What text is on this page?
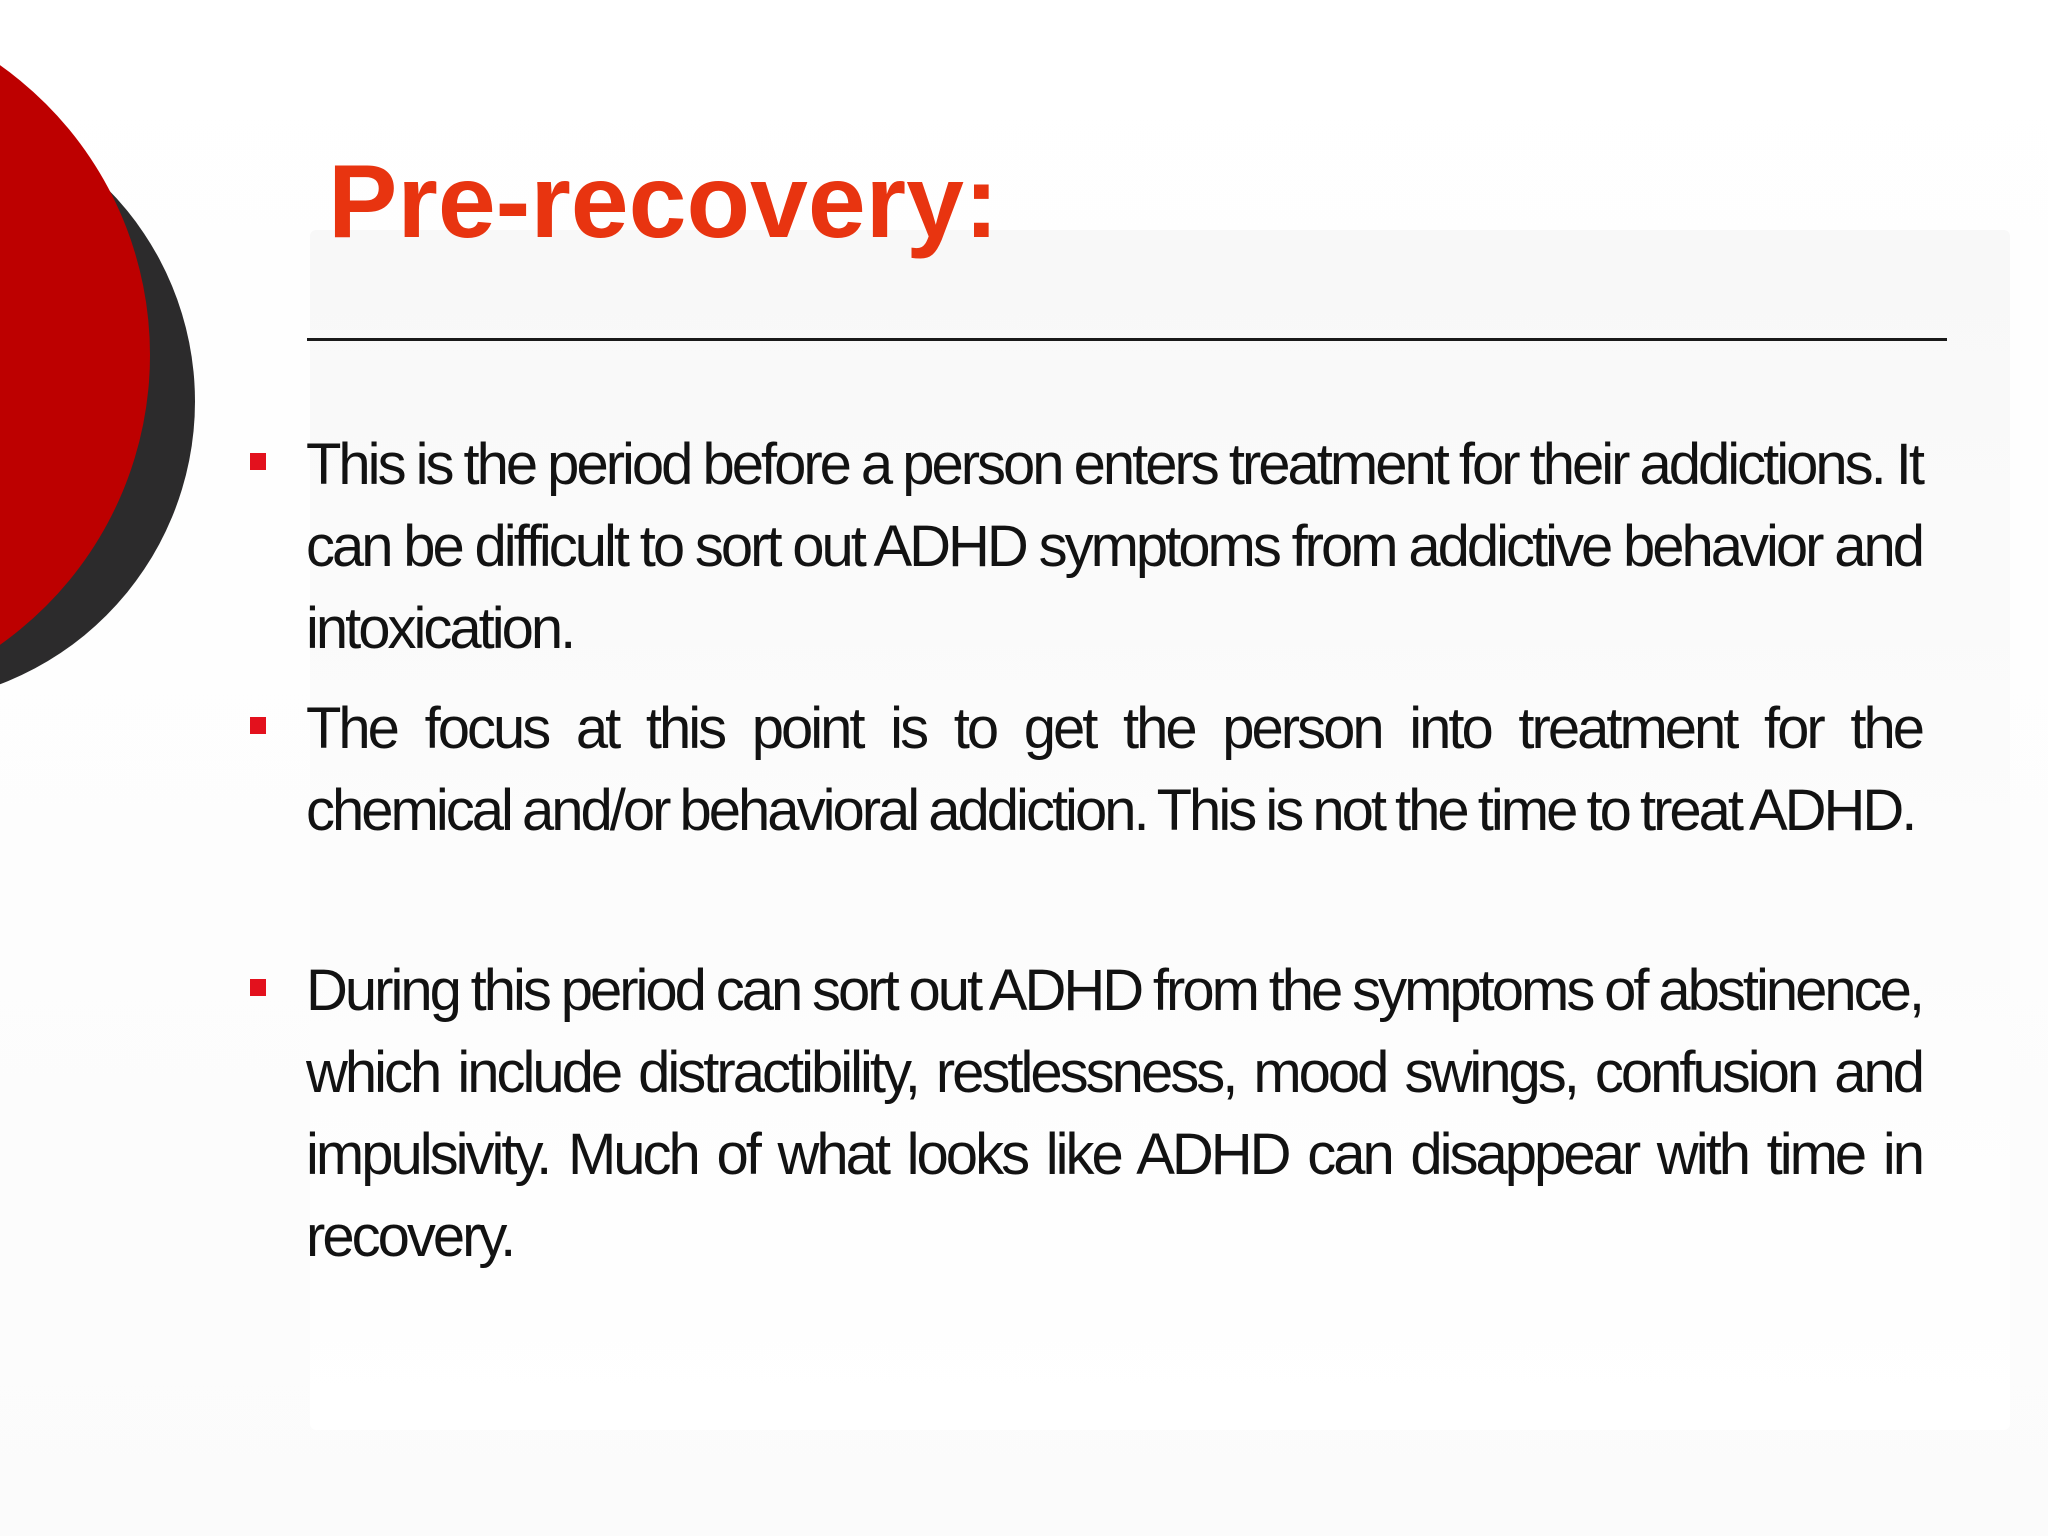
Pre-recovery:

This is the period before a person enters treatment for their addictions. It can be difficult to sort out ADHD symptoms from addictive behavior and intoxication.

The focus at this point is to get the person into treatment for the chemical and/or behavioral addiction. This is not the time to treat ADHD.

During this period can sort out ADHD from the symptoms of abstinence, which include distractibility, restlessness, mood swings, confusion and impulsivity. Much of what looks like ADHD can disappear with time in recovery.
